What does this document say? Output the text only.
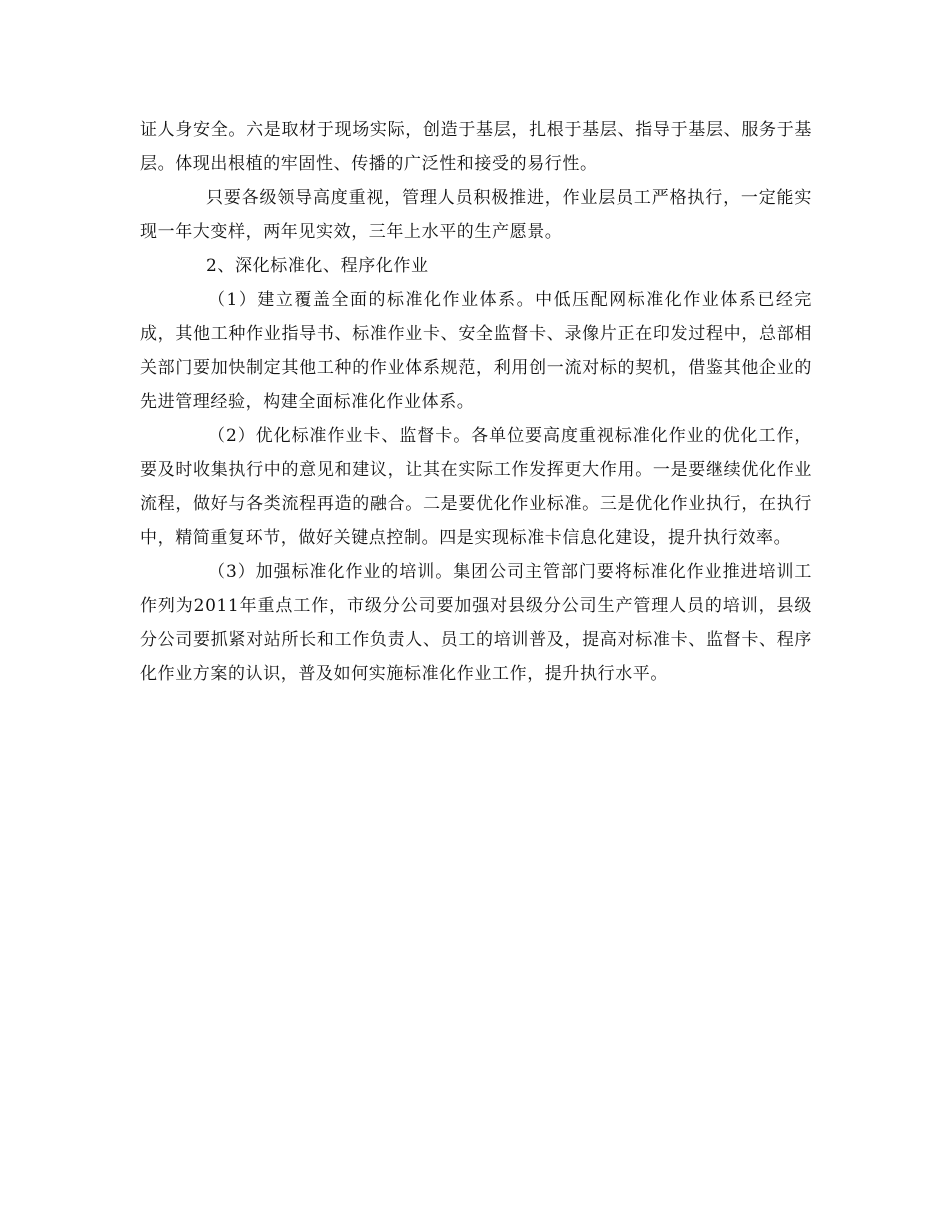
证人身安全。六是取材于现场实际，创造于基层，扎根于基层、指导于基层、服务于基层。体现出根植的牢固性、传播的广泛性和接受的易行性。

只要各级领导高度重视，管理人员积极推进，作业层员工严格执行，一定能实现一年大变样，两年见实效，三年上水平的生产愿景。

2、深化标准化、程序化作业

（1）建立覆盖全面的标准化作业体系。中低压配网标准化作业体系已经完成，其他工种作业指导书、标准作业卡、安全监督卡、录像片正在印发过程中，总部相关部门要加快制定其他工种的作业体系规范，利用创一流对标的契机，借鉴其他企业的先进管理经验，构建全面标准化作业体系。

（2）优化标准作业卡、监督卡。各单位要高度重视标准化作业的优化工作，要及时收集执行中的意见和建议，让其在实际工作发挥更大作用。一是要继续优化作业流程，做好与各类流程再造的融合。二是要优化作业标准。三是优化作业执行，在执行中，精简重复环节，做好关键点控制。四是实现标准卡信息化建设，提升执行效率。

（3）加强标准化作业的培训。集团公司主管部门要将标准化作业推进培训工作列为2011年重点工作，市级分公司要加强对县级分公司生产管理人员的培训，县级分公司要抓紧对站所长和工作负责人、员工的培训普及，提高对标准卡、监督卡、程序化作业方案的认识，普及如何实施标准化作业工作，提升执行水平。
